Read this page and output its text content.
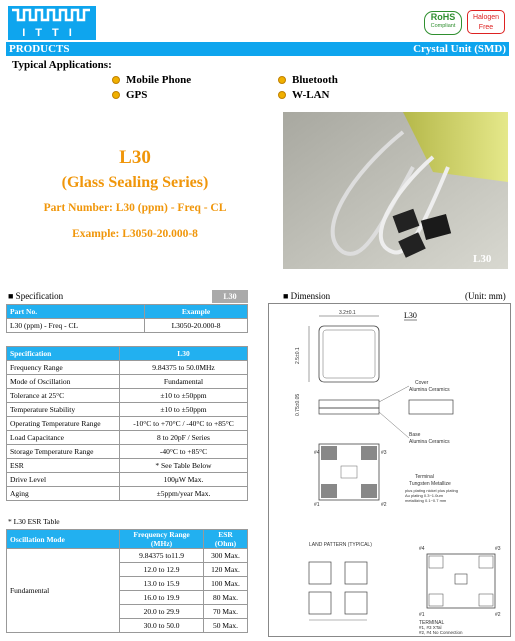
ITTI
RoHS
Compliant
Halogen
Free
PRODUCTS	Crystal Unit (SMD)
Typical Applications:
Mobile Phone	Bluetooth
GPS	W-LAN
L30
(Glass Sealing Series)
Part Number: L30 (ppm) - Freq - CL
Example: L3050-20.000-8
L30
■ Specification	L30
Part No.	Example
L30 (ppm) - Freq - CL	L3050-20.000-8
Specification	L30
Frequency Range	9.84375 to 50.0MHz
Mode of Oscillation	Fundamental
Tolerance at 25°C	±10 to ±50ppm
Temperature Stability	±10 to ±50ppm
Operating Temperature Range	-10°C to +70°C / -40°C to +85°C
Load Capacitance	8 to 20pF / Series
Storage Temperature Range	-40°C to +85°C
ESR	* See Table Below
Drive Level	100μW Max.
Aging	±5ppm/year Max.
* L30 ESR Table
Oscillation Mode	Frequency Range (MHz)	ESR (Ohm)
Fundamental	9.84375 to11.9	300 Max.
	12.0 to 12.9	120 Max.
	13.0 to 15.9	100 Max.
	16.0 to 19.9	80 Max.
	20.0 to 29.9	70 Max.
	30.0 to 50.0	50 Max.
■ Dimension	(Unit: mm)
3.2±0.1
2.5±0.1
L30
0.75±0.05
Cover
Alumina Ceramics
Base
Alumina Ceramics
#4	#3
#1	#2
Terminal
Tungsten Metallize
plus plating nickel plus plating
Au plating 0.3~1.0um
metallizing 0.1~0.7 mm
LAND PATTERN (TYPICAL)
#4	#3
#1	#2
TERMINAL
#1, #3 XTal
#2, #4 No Connection
